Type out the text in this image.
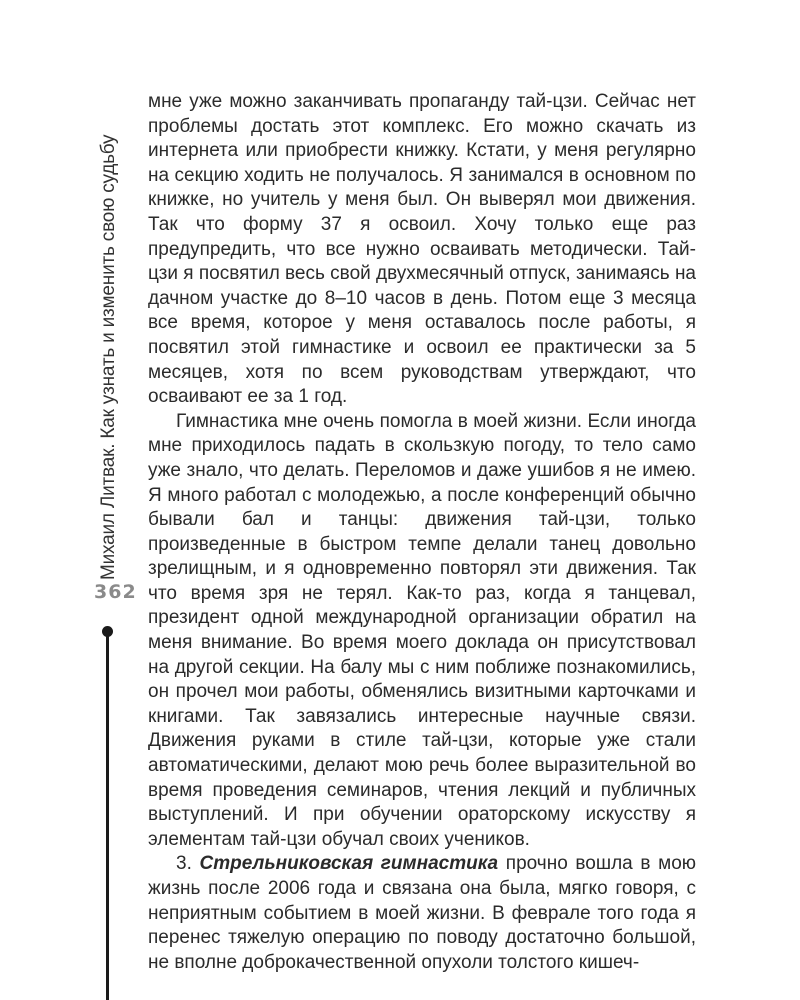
Михаил Литвак. Как узнать и изменить свою судьбу
362

мне уже можно заканчивать пропаганду тай-цзи. Сейчас нет проблемы достать этот комплекс. Его можно скачать из интернета или приобрести книжку. Кстати, у меня регулярно на секцию ходить не получалось. Я занимался в основном по книжке, но учитель у меня был. Он выверял мои движения. Так что форму 37 я освоил. Хочу только еще раз предупредить, что все нужно осваивать методически. Тай-цзи я посвятил весь свой двухмесячный отпуск, занимаясь на дачном участке до 8–10 часов в день. Потом еще 3 месяца все время, которое у меня оставалось после работы, я посвятил этой гимнастике и освоил ее практически за 5 месяцев, хотя по всем руководствам утверждают, что осваивают ее за 1 год.

Гимнастика мне очень помогла в моей жизни. Если иногда мне приходилось падать в скользкую погоду, то тело само уже знало, что делать. Переломов и даже ушибов я не имею. Я много работал с молодежью, а после конференций обычно бывали бал и танцы: движения тай-цзи, только произведенные в быстром темпе делали танец довольно зрелищным, и я одновременно повторял эти движения. Так что время зря не терял. Как-то раз, когда я танцевал, президент одной международной организации обратил на меня внимание. Во время моего доклада он присутствовал на другой секции. На балу мы с ним поближе познакомились, он прочел мои работы, обменялись визитными карточками и книгами. Так завязались интересные научные связи. Движения руками в стиле тай-цзи, которые уже стали автоматическими, делают мою речь более выразительной во время проведения семинаров, чтения лекций и публичных выступлений. И при обучении ораторскому искусству я элементам тай-цзи обучал своих учеников.

3. Стрельниковская гимнастика прочно вошла в мою жизнь после 2006 года и связана она была, мягко говоря, с неприятным событием в моей жизни. В феврале того года я перенес тяжелую операцию по поводу достаточно большой, не вполне доброкачественной опухоли толстого кишеч-
